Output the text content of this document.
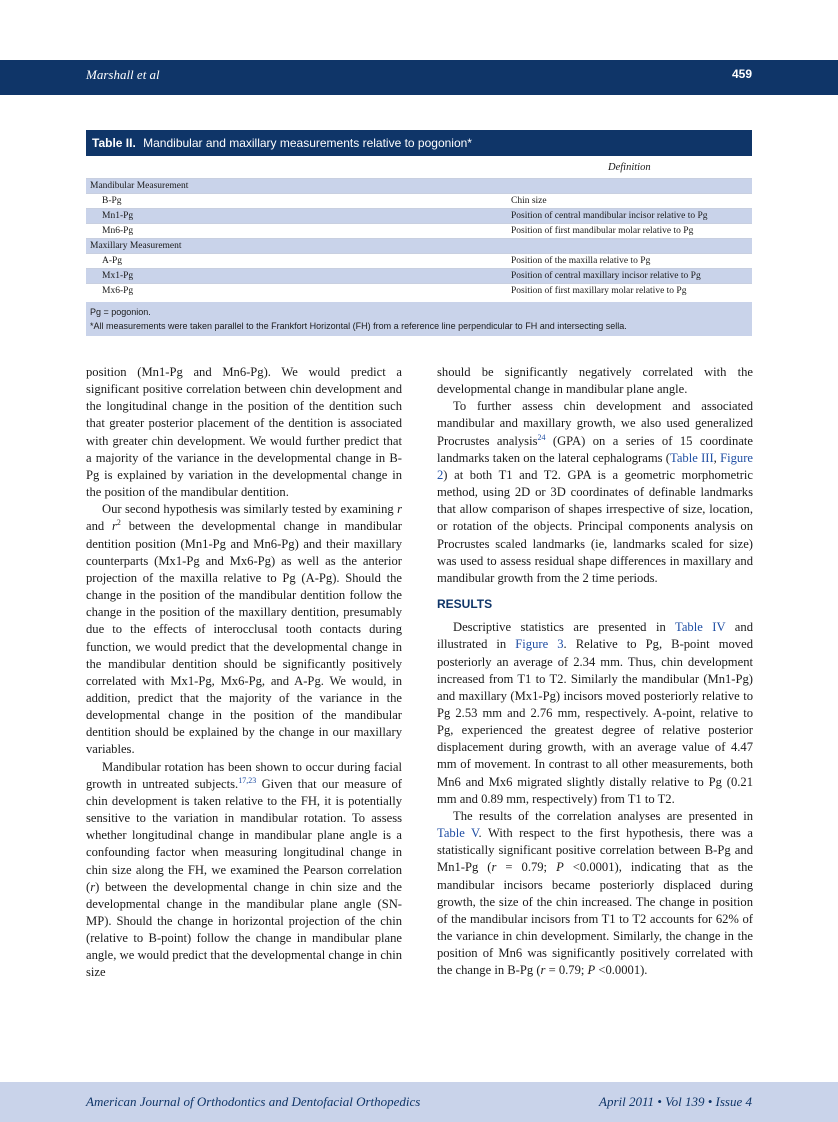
Marshall et al	459
Table II. Mandibular and maxillary measurements relative to pogonion*
Definition
Mandibular Measurement
B-Pg	Chin size
Mn1-Pg	Position of central mandibular incisor relative to Pg
Mn6-Pg	Position of first mandibular molar relative to Pg
Maxillary Measurement
A-Pg	Position of the maxilla relative to Pg
Mx1-Pg	Position of central maxillary incisor relative to Pg
Mx6-Pg	Position of first maxillary molar relative to Pg
Pg = pogonion.
*All measurements were taken parallel to the Frankfort Horizontal (FH) from a reference line perpendicular to FH and intersecting sella.

position (Mn1-Pg and Mn6-Pg). We would predict a significant positive correlation between chin development and the longitudinal change in the position of the dentition such that greater posterior placement of the dentition is associated with greater chin development. We would further predict that a majority of the variance in the developmental change in B-Pg is explained by variation in the developmental change in the position of the mandibular dentition.

Our second hypothesis was similarly tested by examining r and $r^2$ between the developmental change in mandibular dentition position (Mn1-Pg and Mn6-Pg) and their maxillary counterparts (Mx1-Pg and Mx6-Pg) as well as the anterior projection of the maxilla relative to Pg (A-Pg). Should the change in the position of the mandibular dentition follow the change in the position of the maxillary dentition, presumably due to the effects of interocclusal tooth contacts during function, we would predict that the developmental change in the mandibular dentition should be significantly positively correlated with Mx1-Pg, Mx6-Pg, and A-Pg. We would, in addition, predict that the majority of the variance in the developmental change in the position of the mandibular dentition should be explained by the change in our maxillary variables.

Mandibular rotation has been shown to occur during facial growth in untreated subjects.$^{17,23}$ Given that our measure of chin development is taken relative to the FH, it is potentially sensitive to the variation in mandibular rotation. To assess whether longitudinal change in mandibular plane angle is a confounding factor when measuring longitudinal change in chin size along the FH, we examined the Pearson correlation (r) between the developmental change in chin size and the developmental change in the mandibular plane angle (SN-MP). Should the change in horizontal projection of the chin (relative to B-point) follow the change in mandibular plane angle, we would predict that the developmental change in chin size

should be significantly negatively correlated with the developmental change in mandibular plane angle.

To further assess chin development and associated mandibular and maxillary growth, we also used generalized Procrustes analysis$^{24}$ (GPA) on a series of 15 coordinate landmarks taken on the lateral cephalograms (Table III, Figure 2) at both T1 and T2. GPA is a geometric morphometric method, using 2D or 3D coordinates of definable landmarks that allow comparison of shapes irrespective of size, location, or rotation of the objects. Principal components analysis on Procrustes scaled landmarks (ie, landmarks scaled for size) was used to assess residual shape differences in maxillary and mandibular growth from the 2 time periods.

RESULTS

Descriptive statistics are presented in Table IV and illustrated in Figure 3. Relative to Pg, B-point moved posteriorly an average of 2.34 mm. Thus, chin development increased from T1 to T2. Similarly the mandibular (Mn1-Pg) and maxillary (Mx1-Pg) incisors moved posteriorly relative to Pg 2.53 mm and 2.76 mm, respectively. A-point, relative to Pg, experienced the greatest degree of relative posterior displacement during growth, with an average value of 4.47 mm of movement. In contrast to all other measurements, both Mn6 and Mx6 migrated slightly distally relative to Pg (0.21 mm and 0.89 mm, respectively) from T1 to T2.

The results of the correlation analyses are presented in Table V. With respect to the first hypothesis, there was a statistically significant positive correlation between B-Pg and Mn1-Pg (r = 0.79; P <0.0001), indicating that as the mandibular incisors became posteriorly displaced during growth, the size of the chin increased. The change in position of the mandibular incisors from T1 to T2 accounts for 62% of the variance in chin development. Similarly, the change in the position of Mn6 was significantly positively correlated with the change in B-Pg (r = 0.79; P <0.0001).

American Journal of Orthodontics and Dentofacial Orthopedics	April 2011 • Vol 139 • Issue 4
